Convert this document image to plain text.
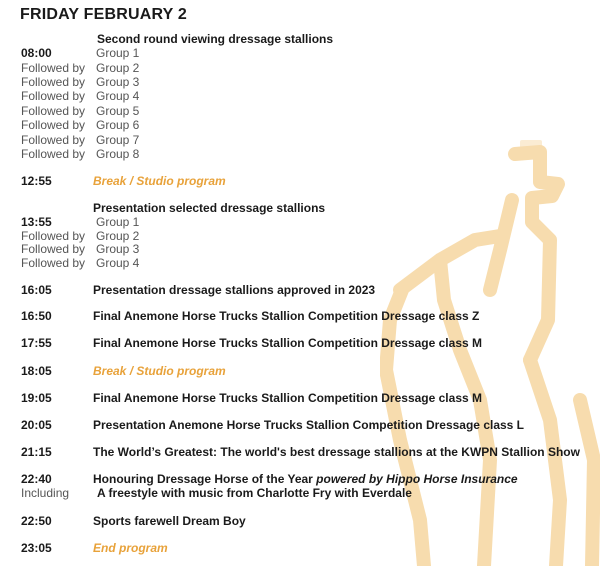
FRIDAY FEBRUARY 2
Second round viewing dressage stallions
08:00	Group 1
Followed by Group 2
Followed by Group 3
Followed by Group 4
Followed by Group 5
Followed by Group 6
Followed by Group 7
Followed by Group 8
12:55	Break / Studio program
Presentation selected dressage stallions
13:55	Group 1
Followed by Group 2
Followed by Group 3
Followed by Group 4
16:05	Presentation dressage stallions approved in 2023
16:50	Final Anemone Horse Trucks Stallion Competition Dressage class Z
17:55	Final Anemone Horse Trucks Stallion Competition Dressage class M
18:05	Break / Studio program
19:05	Final Anemone Horse Trucks Stallion Competition Dressage class M
20:05	Presentation Anemone Horse Trucks Stallion Competition Dressage class L
21:15	The World’s Greatest: The world's best dressage stallions at the KWPN Stallion Show
22:40	Honouring Dressage Horse of the Year powered by Hippo Horse Insurance
Including A freestyle with music from Charlotte Fry with Everdale
22:50	Sports farewell Dream Boy
23:05	End program
